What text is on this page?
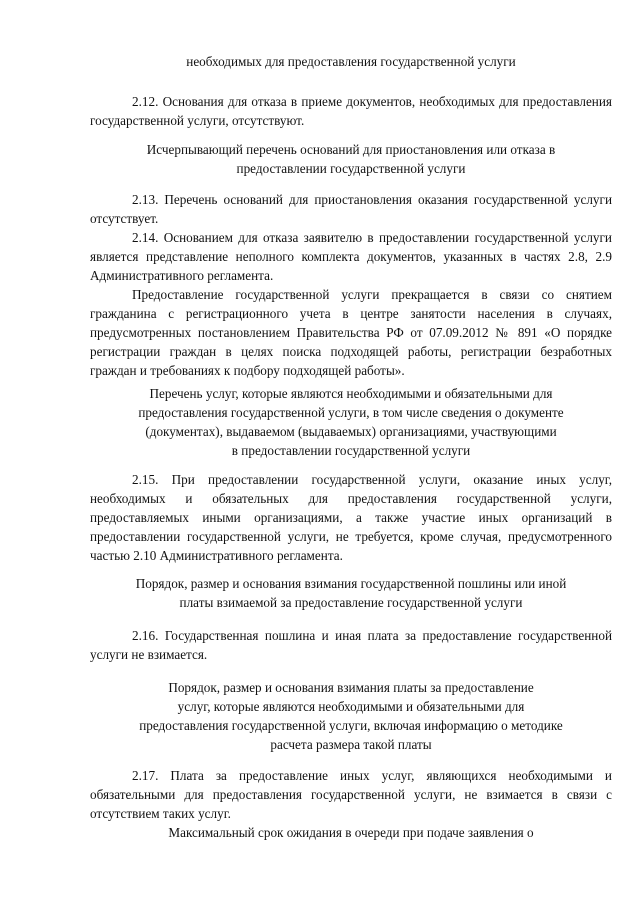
необходимых для предоставления государственной услуги

2.12. Основания для отказа в приеме документов, необходимых для предоставления государственной услуги, отсутствуют.

Исчерпывающий перечень оснований для приостановления или отказа в
предоставлении государственной услуги

2.13. Перечень оснований для приостановления оказания государственной услуги отсутствует.

2.14. Основанием для отказа заявителю в предоставлении государственной услуги является представление неполного комплекта документов, указанных в частях 2.8, 2.9 Административного регламента.

Предоставление государственной услуги прекращается в связи со снятием гражданина с регистрационного учета в центре занятости населения в случаях, предусмотренных постановлением Правительства РФ от 07.09.2012 № 891 «О порядке регистрации граждан в целях поиска подходящей работы, регистрации безработных граждан и требованиях к подбору подходящей работы».

Перечень услуг, которые являются необходимыми и обязательными для
предоставления государственной услуги, в том числе сведения о документе
(документах), выдаваемом (выдаваемых) организациями, участвующими
в предоставлении государственной услуги

2.15. При предоставлении государственной услуги, оказание иных услуг, необходимых и обязательных для предоставления государственной услуги, предоставляемых иными организациями, а также участие иных организаций в предоставлении государственной услуги, не требуется, кроме случая, предусмотренного частью 2.10 Административного регламента.

Порядок, размер и основания взимания государственной пошлины или иной
платы взимаемой за предоставление государственной услуги

2.16. Государственная пошлина и иная плата за предоставление государственной услуги не взимается.

Порядок, размер и основания взимания платы за предоставление
услуг, которые являются необходимыми и обязательными для
предоставления государственной услуги, включая информацию о методике
расчета размера такой платы

2.17. Плата за предоставление иных услуг, являющихся необходимыми и обязательными для предоставления государственной услуги, не взимается в связи с отсутствием таких услуг.

Максимальный срок ожидания в очереди при подаче заявления о
